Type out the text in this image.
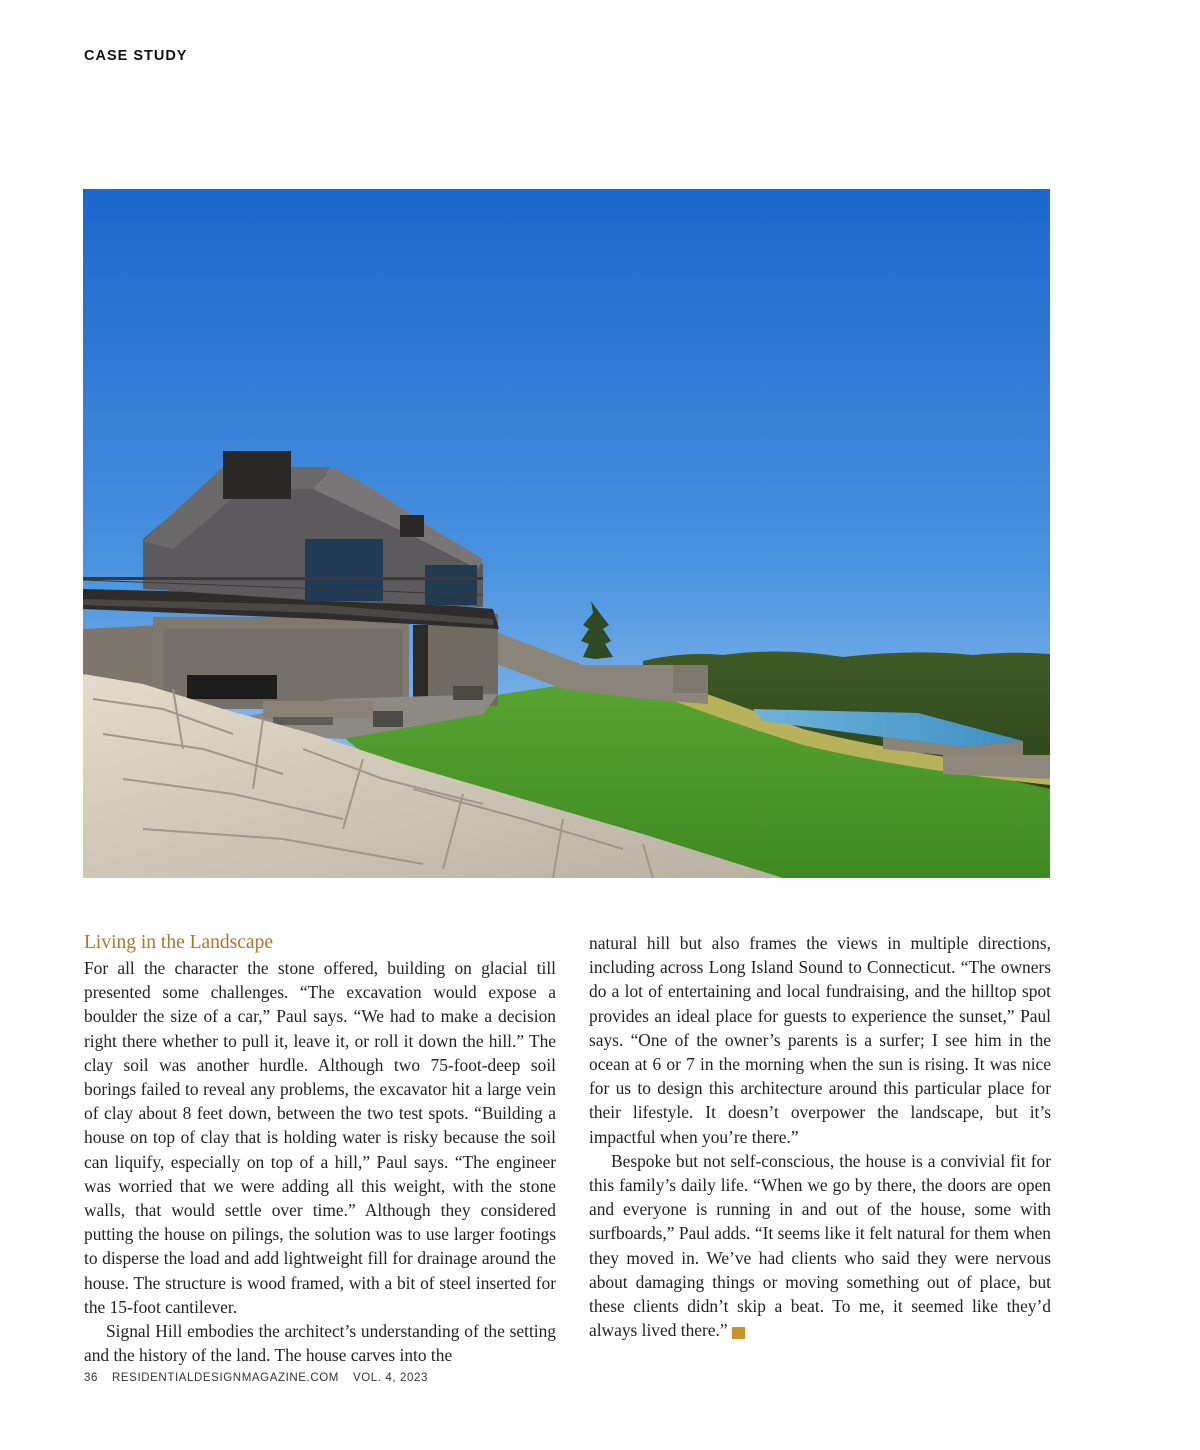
CASE STUDY
Living in the Landscape

For all the character the stone offered, building on glacial till presented some challenges. “The excavation would expose a boulder the size of a car,” Paul says. “We had to make a decision right there whether to pull it, leave it, or roll it down the hill.” The clay soil was another hurdle. Although two 75-foot-deep soil borings failed to reveal any problems, the excavator hit a large vein of clay about 8 feet down, between the two test spots. “Building a house on top of clay that is holding water is risky because the soil can liquify, especially on top of a hill,” Paul says. “The engineer was worried that we were adding all this weight, with the stone walls, that would settle over time.” Although they considered putting the house on pilings, the solution was to use larger footings to disperse the load and add lightweight fill for drainage around the house. The structure is wood framed, with a bit of steel inserted for the 15-foot cantilever.

Signal Hill embodies the architect’s understanding of the setting and the history of the land. The house carves into the

natural hill but also frames the views in multiple directions, including across Long Island Sound to Connecticut. “The owners do a lot of entertaining and local fundraising, and the hilltop spot provides an ideal place for guests to experience the sunset,” Paul says. “One of the owner’s parents is a surfer; I see him in the ocean at 6 or 7 in the morning when the sun is rising. It was nice for us to design this architecture around this particular place for their lifestyle. It doesn’t overpower the landscape, but it’s impactful when you’re there.”

Bespoke but not self-conscious, the house is a convivial fit for this family’s daily life. “When we go by there, the doors are open and everyone is running in and out of the house, some with surfboards,” Paul adds. “It seems like it felt natural for them when they moved in. We’ve had clients who said they were nervous about damaging things or moving something out of place, but these clients didn’t skip a beat. To me, it seemed like they’d always lived there.”	rD

36 RESIDENTIALDESIGNMAGAZINE.COM VOL. 4, 2023
